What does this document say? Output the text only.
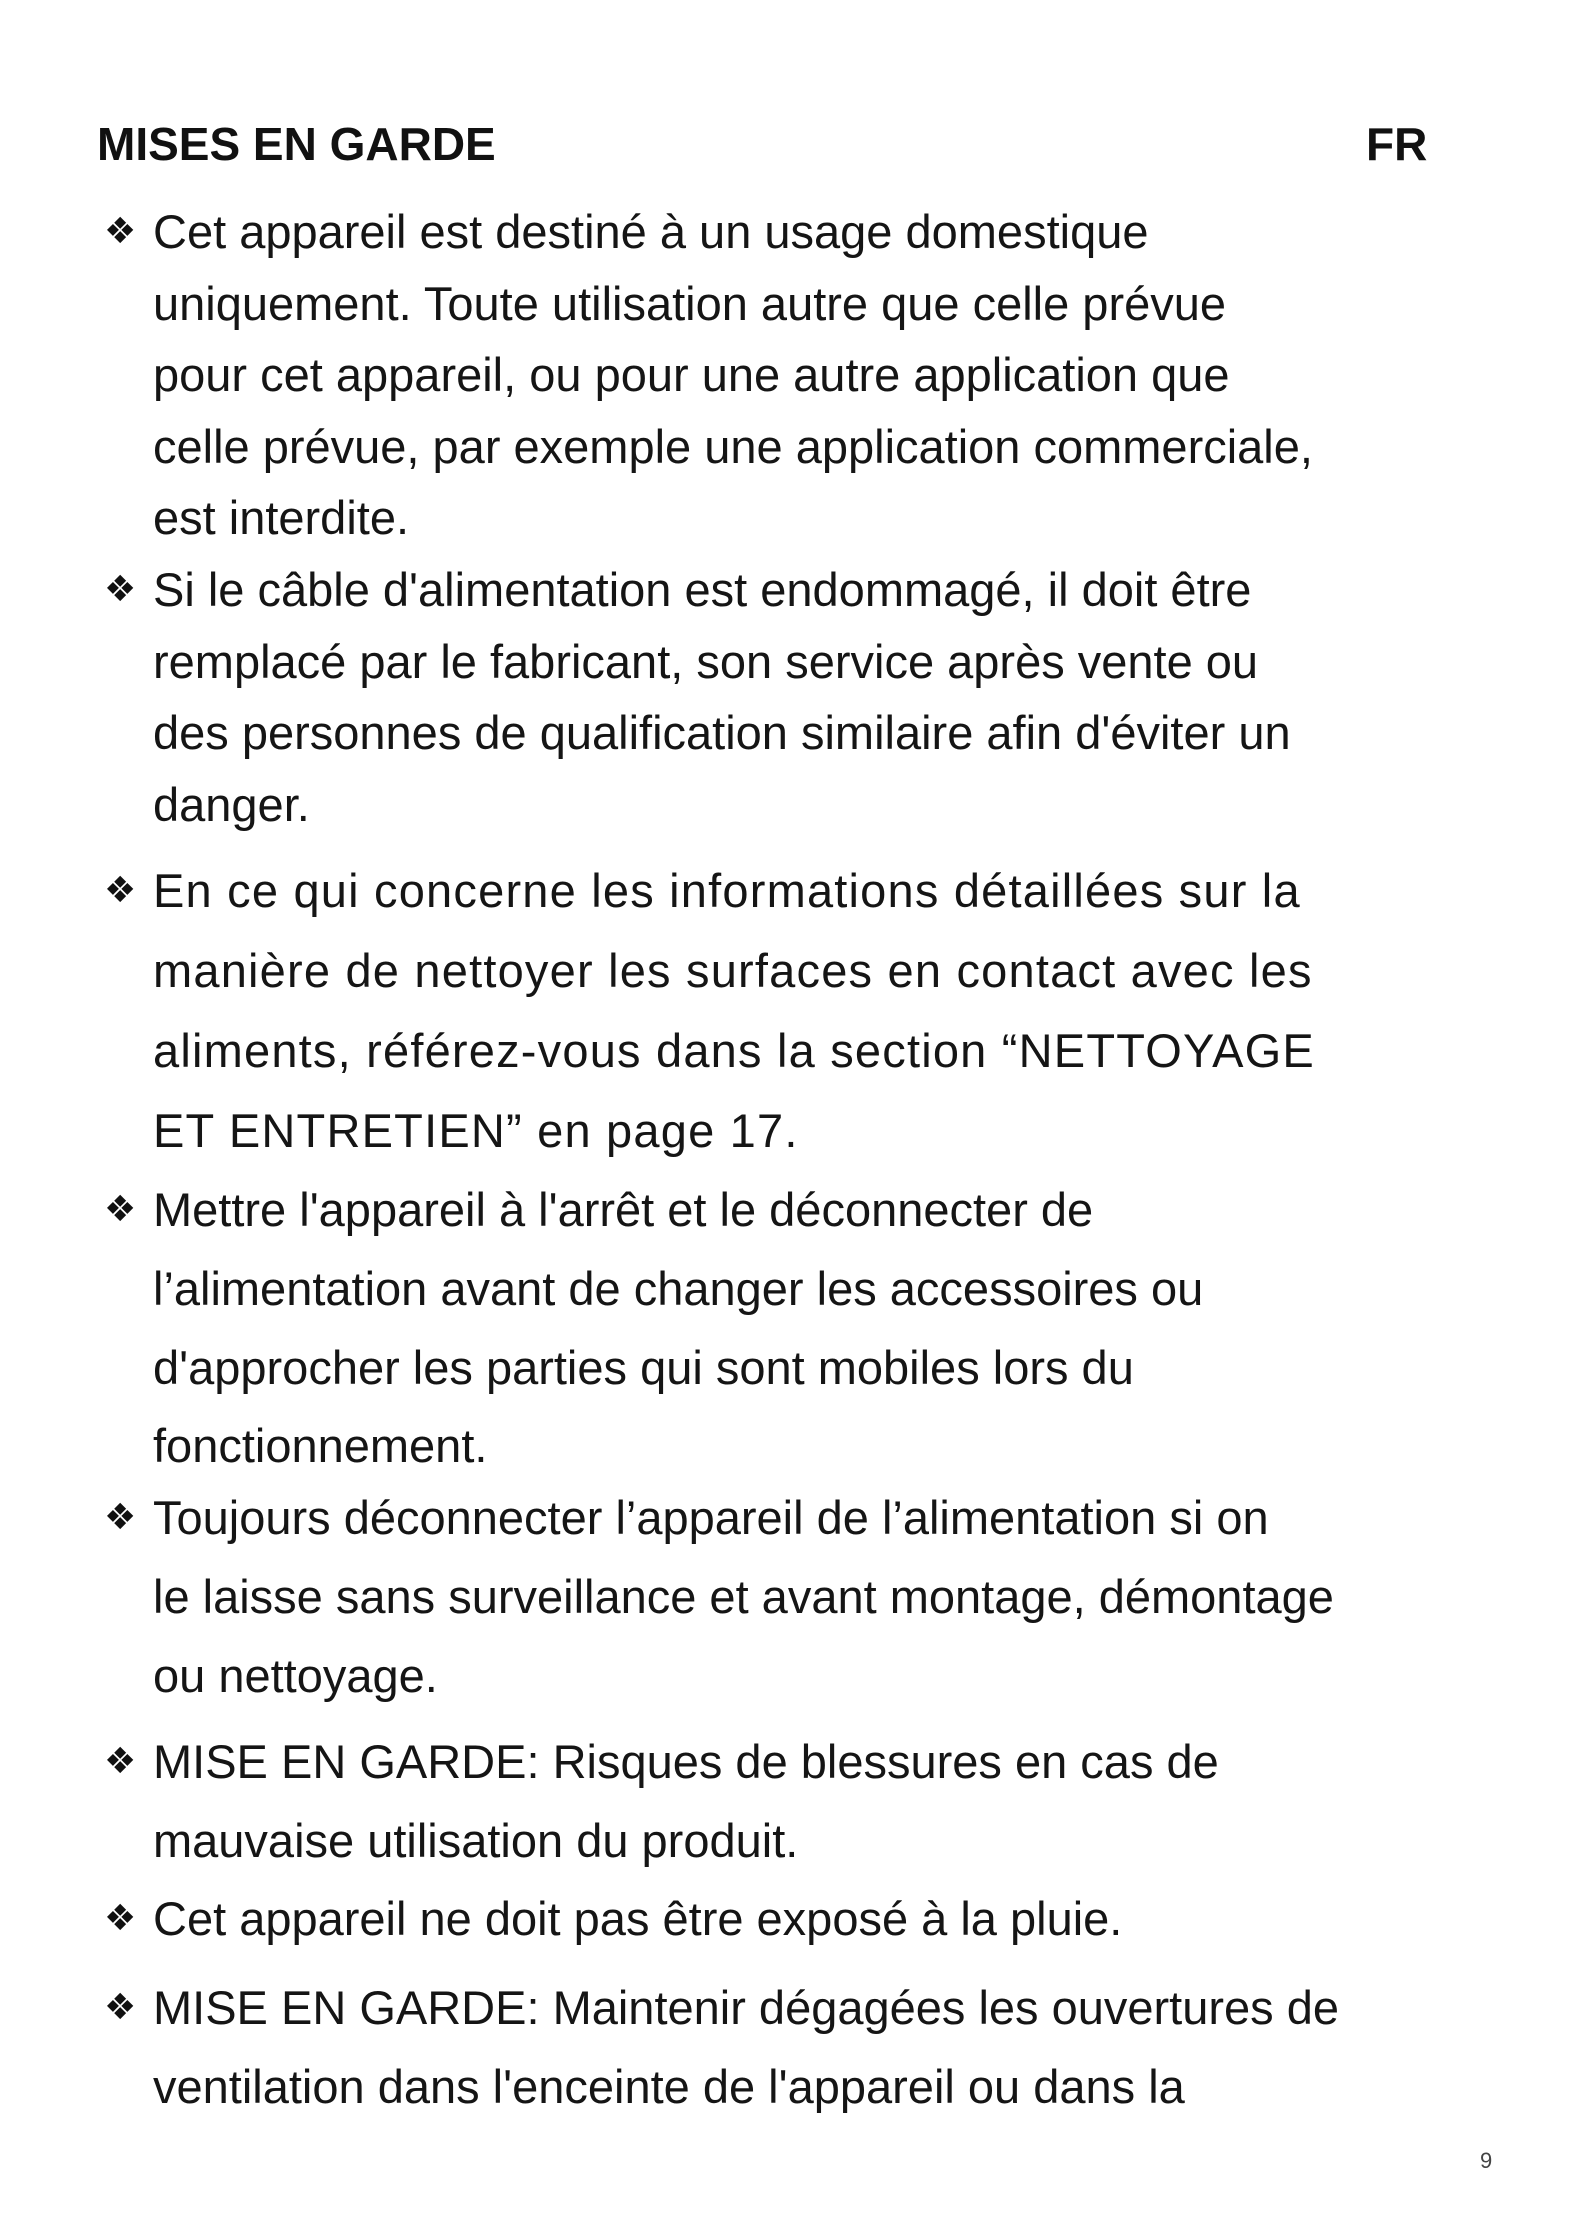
MISES EN GARDE	FR
❖ Cet appareil est destiné à un usage domestique
uniquement. Toute utilisation autre que celle prévue
pour cet appareil, ou pour une autre application que
celle prévue, par exemple une application commerciale,
est interdite.
❖ Si le câble d'alimentation est endommagé, il doit être
remplacé par le fabricant, son service après vente ou
des personnes de qualification similaire afin d'éviter un
danger.
❖ En ce qui concerne les informations détaillées sur la
manière de nettoyer les surfaces en contact avec les
aliments, référez-vous dans la section “NETTOYAGE
ET ENTRETIEN” en page 17.
❖ Mettre l'appareil à l'arrêt et le déconnecter de
l’alimentation avant de changer les accessoires ou
d'approcher les parties qui sont mobiles lors du
fonctionnement.
❖ Toujours déconnecter l’appareil de l’alimentation si on
le laisse sans surveillance et avant montage, démontage
ou nettoyage.
❖ MISE EN GARDE: Risques de blessures en cas de
mauvaise utilisation du produit.
❖ Cet appareil ne doit pas être exposé à la pluie.
❖ MISE EN GARDE: Maintenir dégagées les ouvertures de
ventilation dans l'enceinte de l'appareil ou dans la
9
